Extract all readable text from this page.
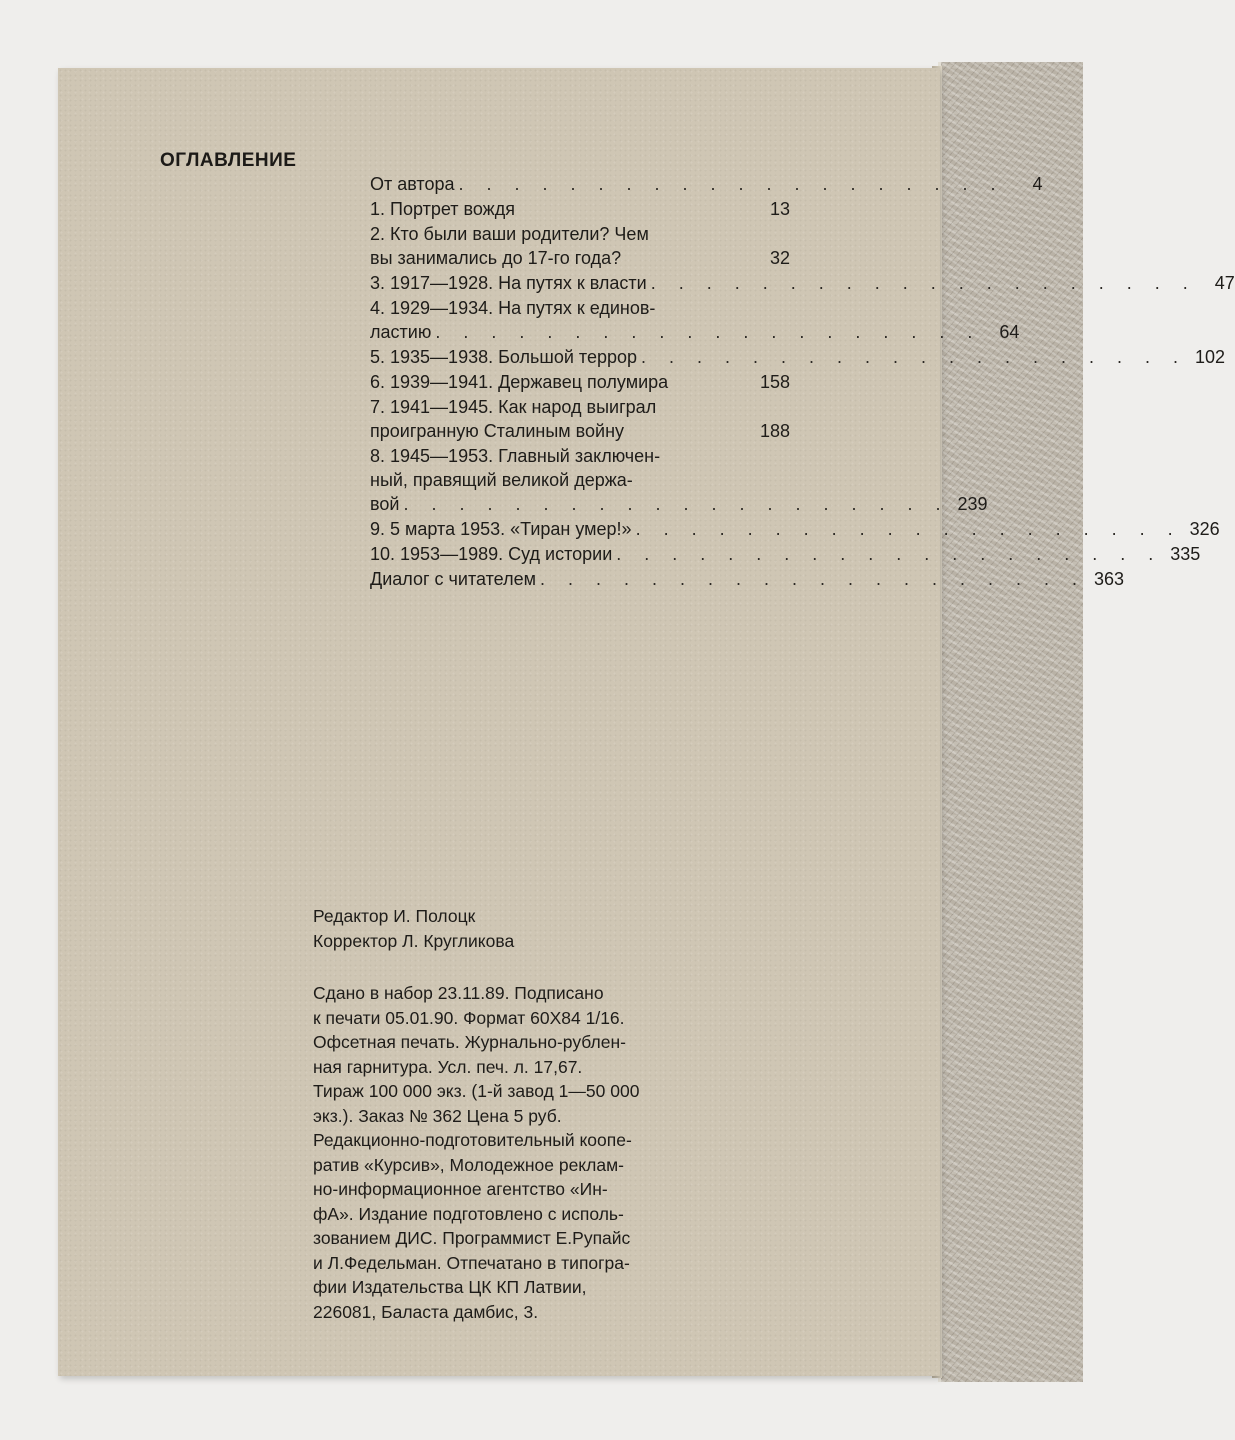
ОГЛАВЛЕНИЕ
От автора . . . . . . . . . . . . . . . . . . . .	4
1. Портрет вождя	13
2. Кто были ваши родители? Чем
вы занимались до 17-го года?	32
3. 1917—1928. На путях к власти . . . . . . . . . . . . . . . . . . . . 47
4. 1929—1934. На путях к единов-
ластию . . . . . . . . . . . . . . . . . . . . 64
5. 1935—1938. Большой террор . . . . . . . . . . . . . . . . . . . . 102
6. 1939—1941. Державец полумира	158
7. 1941—1945. Как народ выиграл
проигранную Сталиным войну	188
8. 1945—1953. Главный заключен-
ный, правящий великой держа-
вой . . . . . . . . . . . . . . . . . . . . 239
9. 5 марта 1953. «Тиран умер!» . . . . . . . . . . . . . . . . . . . . 326
10. 1953—1989. Суд истории . . . . . . . . . . . . . . . . . . . . 335
Диалог с читателем . . . . . . . . . . . . . . . . . . . . 363
Редактор И. Полоцк
Корректор Л. Кругликова
Сдано в набор 23.11.89. Подписано
к печати 05.01.90. Формат 60Х84 1/16.
Офсетная печать. Журнально-рублен-
ная гарнитура. Усл. печ. л. 17,67.
Тираж 100 000 экз. (1-й завод 1—50 000
экз.). Заказ № 362 Цена 5 руб.
Редакционно-подготовительный коопе-
ратив «Курсив», Молодежное реклам-
но-информационное агентство «Ин-
фА». Издание подготовлено с исполь-
зованием ДИС. Программист Е.Рупайс
и Л.Федельман. Отпечатано в типогра-
фии Издательства ЦК КП Латвии,
226081, Баласта дамбис, 3.
